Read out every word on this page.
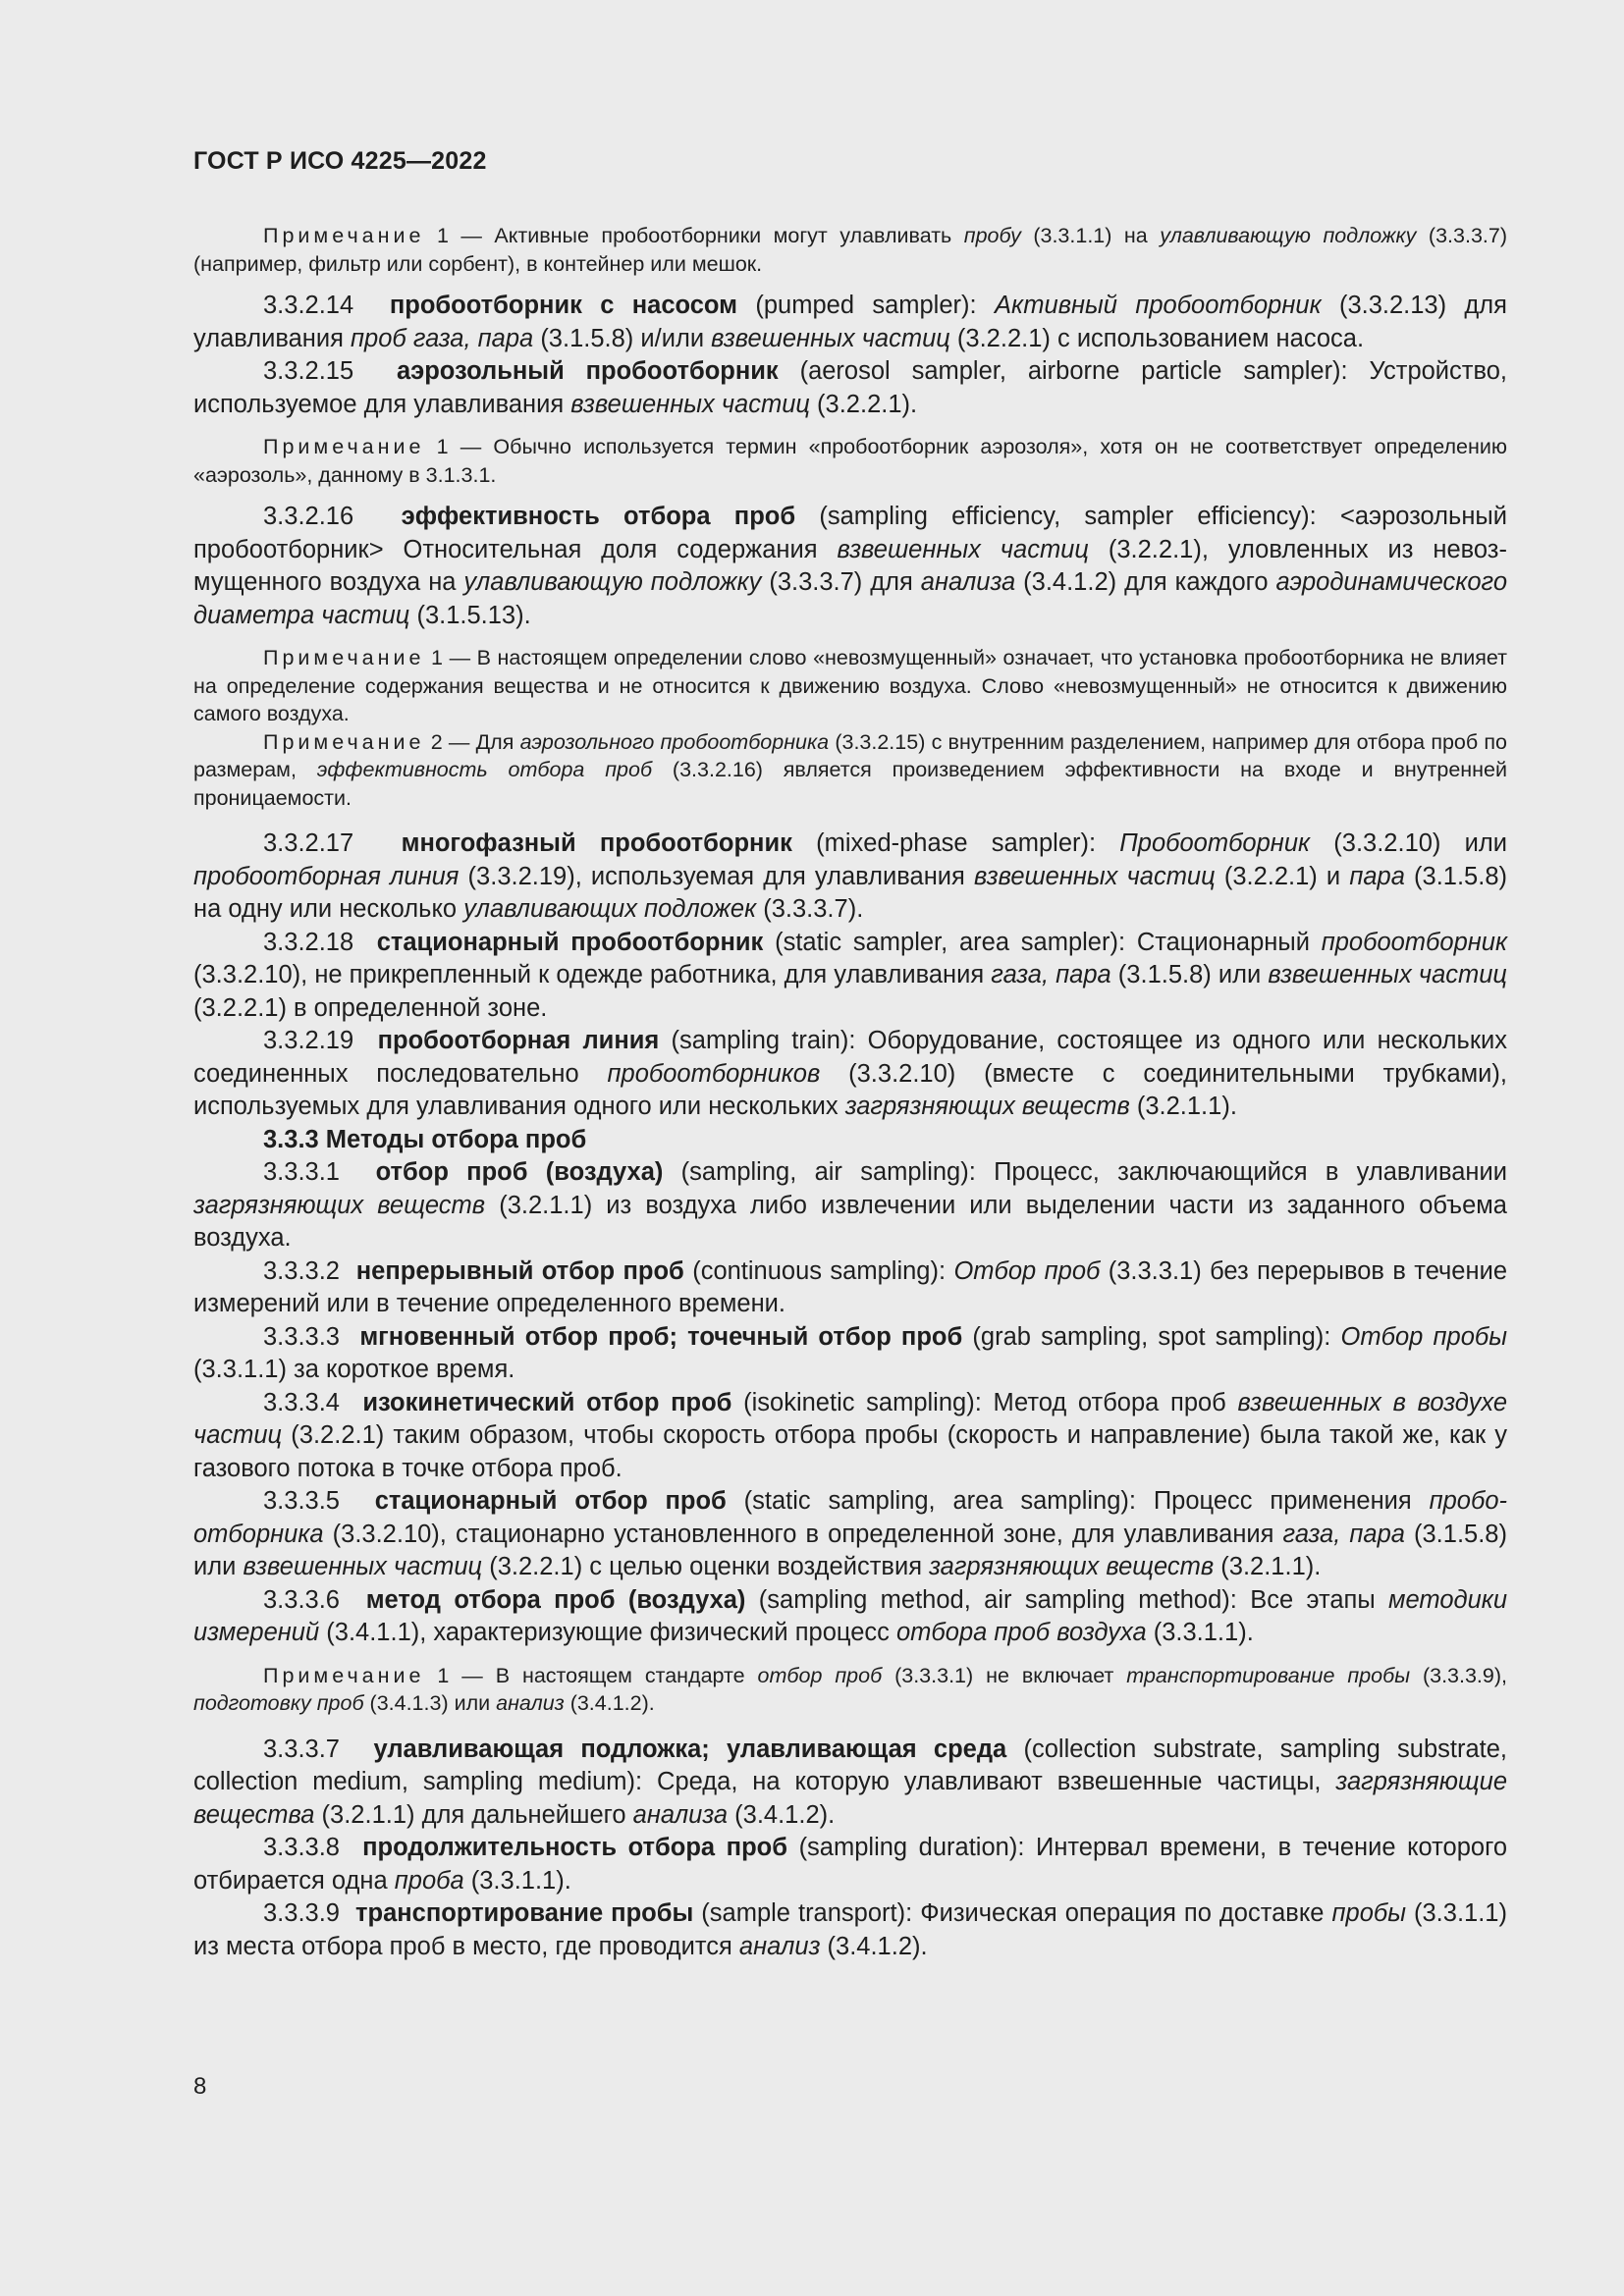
ГОСТ Р ИСО 4225—2022

Примечание 1 — Активные пробоотборники могут улавливать пробу (3.3.1.1) на улавливающую подложку (3.3.3.7) (например, фильтр или сорбент), в контейнер или мешок.

3.3.2.14 пробоотборник с насосом (pumped sampler): Активный пробоотборник (3.3.2.13) для улавливания проб газа, пара (3.1.5.8) и/или взвешенных частиц (3.2.2.1) с использованием насоса.

3.3.2.15 аэрозольный пробоотборник (aerosol sampler, airborne particle sampler): Устройство, используемое для улавливания взвешенных частиц (3.2.2.1).

Примечание 1 — Обычно используется термин «пробоотборник аэрозоля», хотя он не соответствует определению «аэрозоль», данному в 3.1.3.1.

3.3.2.16 эффективность отбора проб (sampling efficiency, sampler efficiency): <аэрозольный пробоотборник> Относительная доля содержания взвешенных частиц (3.2.2.1), уловленных из невозмущенного воздуха на улавливающую подложку (3.3.3.7) для анализа (3.4.1.2) для каждого аэродинамического диаметра частиц (3.1.5.13).

Примечание 1 — В настоящем определении слово «невозмущенный» означает, что установка пробоотборника не влияет на определение содержания вещества и не относится к движению воздуха. Слово «невозмущенный» не относится к движению самого воздуха.

Примечание 2 — Для аэрозольного пробоотборника (3.3.2.15) с внутренним разделением, например для отбора проб по размерам, эффективность отбора проб (3.3.2.16) является произведением эффективности на входе и внутренней проницаемости.

3.3.2.17 многофазный пробоотборник (mixed-phase sampler): Пробоотборник (3.3.2.10) или пробоотборная линия (3.3.2.19), используемая для улавливания взвешенных частиц (3.2.2.1) и пара (3.1.5.8) на одну или несколько улавливающих подложек (3.3.3.7).

3.3.2.18 стационарный пробоотборник (static sampler, area sampler): Стационарный пробоотборник (3.3.2.10), не прикрепленный к одежде работника, для улавливания газа, пара (3.1.5.8) или взвешенных частиц (3.2.2.1) в определенной зоне.

3.3.2.19 пробоотборная линия (sampling train): Оборудование, состоящее из одного или нескольких соединенных последовательно пробоотборников (3.3.2.10) (вместе с соединительными трубками), используемых для улавливания одного или нескольких загрязняющих веществ (3.2.1.1).

3.3.3 Методы отбора проб

3.3.3.1 отбор проб (воздуха) (sampling, air sampling): Процесс, заключающийся в улавливании загрязняющих веществ (3.2.1.1) из воздуха либо извлечении или выделении части из заданного объема воздуха.

3.3.3.2 непрерывный отбор проб (continuous sampling): Отбор проб (3.3.3.1) без перерывов в течение измерений или в течение определенного времени.

3.3.3.3 мгновенный отбор проб; точечный отбор проб (grab sampling, spot sampling): Отбор пробы (3.3.1.1) за короткое время.

3.3.3.4 изокинетический отбор проб (isokinetic sampling): Метод отбора проб взвешенных в воздухе частиц (3.2.2.1) таким образом, чтобы скорость отбора пробы (скорость и направление) была такой же, как у газового потока в точке отбора проб.

3.3.3.5 стационарный отбор проб (static sampling, area sampling): Процесс применения пробоотборника (3.3.2.10), стационарно установленного в определенной зоне, для улавливания газа, пара (3.1.5.8) или взвешенных частиц (3.2.2.1) с целью оценки воздействия загрязняющих веществ (3.2.1.1).

3.3.3.6 метод отбора проб (воздуха) (sampling method, air sampling method): Все этапы методики измерений (3.4.1.1), характеризующие физический процесс отбора проб воздуха (3.3.1.1).

Примечание 1 — В настоящем стандарте отбор проб (3.3.3.1) не включает транспортирование пробы (3.3.3.9), подготовку проб (3.4.1.3) или анализ (3.4.1.2).

3.3.3.7 улавливающая подложка; улавливающая среда (collection substrate, sampling substrate, collection medium, sampling medium): Среда, на которую улавливают взвешенные частицы, загрязняющие вещества (3.2.1.1) для дальнейшего анализа (3.4.1.2).

3.3.3.8 продолжительность отбора проб (sampling duration): Интервал времени, в течение которого отбирается одна проба (3.3.1.1).

3.3.3.9 транспортирование пробы (sample transport): Физическая операция по доставке пробы (3.3.1.1) из места отбора проб в место, где проводится анализ (3.4.1.2).

8
